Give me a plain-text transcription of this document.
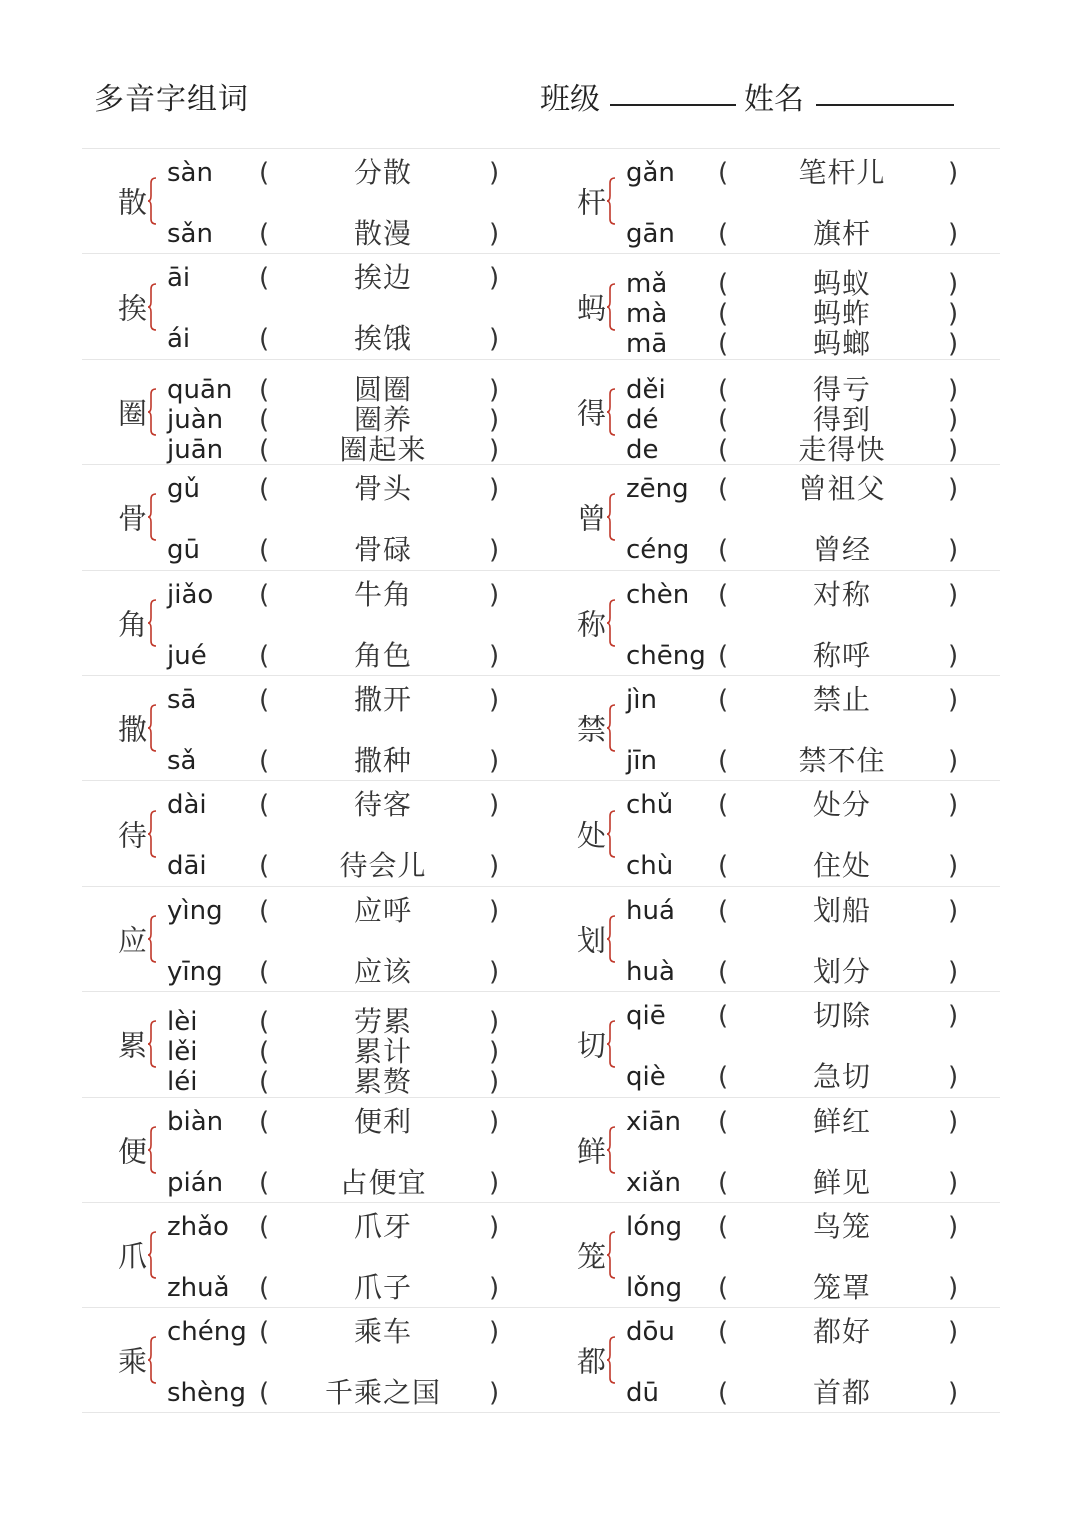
多音字组词	班级	姓名
散
sàn (	分散	)
sǎn (	散漫	)
杆
gǎn (	笔杆儿	)
gān (	旗杆	)
挨
āi	(	挨边	)
ái	(	挨饿	)
蚂
mǎ (	蚂蚁	)
mà (	蚂蚱	)
mā (	蚂螂	)
圈
quān (	圆圈	)
juàn (	圈养	)
juān (	圈起来	)
得
děi (	得亏	)
dé (	得到	)
de (	走得快	)
骨
gǔ (	骨头	)
gū (	骨碌	)
曾
zēng (	曾祖父	)
céng (	曾经	)
角
jiǎo (	牛角	)
jué (	角色	)
称
chèn (	对称	)
chēng (	称呼	)
撒
sā (	撒开	)
sǎ (	撒种	)
禁
jìn (	禁止	)
jīn (	禁不住	)
待
dài (	待客	)
dāi (	待会儿	)
处
chǔ (	处分	)
chù (	住处	)
应
yìng (	应呼	)
yīng (	应该	)
划
huá (	划船	)
huà (	划分	)
累
lèi (	劳累	)
lěi (	累计	)
léi (	累赘	)
切
qiē (	切除	)
qiè (	急切	)
便
biàn (	便利	)
pián (	占便宜	)
鲜
xiān (	鲜红	)
xiǎn (	鲜见	)
爪
zhǎo (	爪牙	)
zhuǎ (	爪子	)
笼
lóng (	鸟笼	)
lǒng (	笼罩	)
乘
chéng (	乘车	)
shèng (	千乘之国	)
都
dōu (	都好	)
dū (	首都	)
